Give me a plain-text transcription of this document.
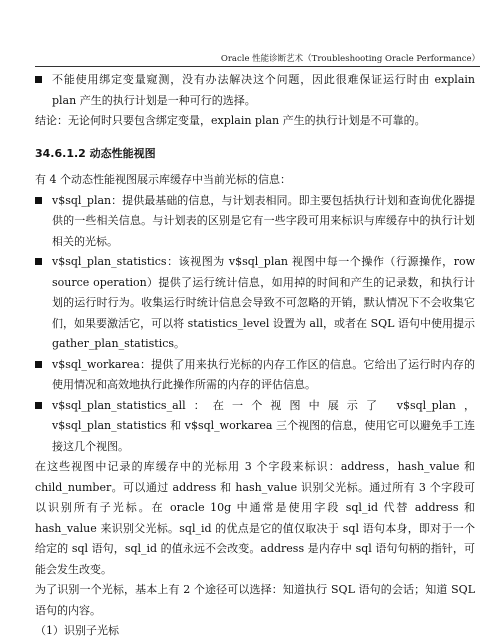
Oracle 性能诊断艺术（Troubleshooting Oracle Performance）
不能使用绑定变量窥测，没有办法解决这个问题，因此很难保证运行时由 explain plan 产生的执行计划是一种可行的选择。

结论：无论何时只要包含绑定变量，explain plan 产生的执行计划是不可靠的。

34.6.1.2 动态性能视图

有 4 个动态性能视图展示库缓存中当前光标的信息：

v$sql_plan：提供最基础的信息，与计划表相同。即主要包括执行计划和查询优化器提供的一些相关信息。与计划表的区别是它有一些字段可用来标识与库缓存中的执行计划相关的光标。
v$sql_plan_statistics：该视图为 v$sql_plan 视图中每一个操作（行源操作，row source operation）提供了运行统计信息，如用掉的时间和产生的记录数，和执行计划的运行时行为。收集运行时统计信息会导致不可忽略的开销，默认情况下不会收集它们，如果要激活它，可以将 statistics_level 设置为 all，或者在 SQL 语句中使用提示 gather_plan_statistics。
v$sql_workarea：提供了用来执行光标的内存工作区的信息。它给出了运行时内存的使用情况和高效地执行此操作所需的内存的评估信息。
v$sql_plan_statistics_all：在一个视图中展示了 v$sql_plan，v$sql_plan_statistics 和 v$sql_workarea 三个视图的信息，使用它可以避免手工连接这几个视图。

在这些视图中记录的库缓存中的光标用 3 个字段来标识：address，hash_value 和 child_number。可以通过 address 和 hash_value 识别父光标。通过所有 3 个字段可以识别所有子光标。在 oracle 10g 中通常是使用字段 sql_id 代替 address 和 hash_value 来识别父光标。sql_id 的优点是它的值仅取决于 sql 语句本身，即对于一个给定的 sql 语句，sql_id 的值永远不会改变。address 是内存中 sql 语句句柄的指针，可能会发生改变。

为了识别一个光标，基本上有 2 个途径可以选择：知道执行 SQL 语句的会话；知道 SQL 语句的内容。

（1）识别子光标
